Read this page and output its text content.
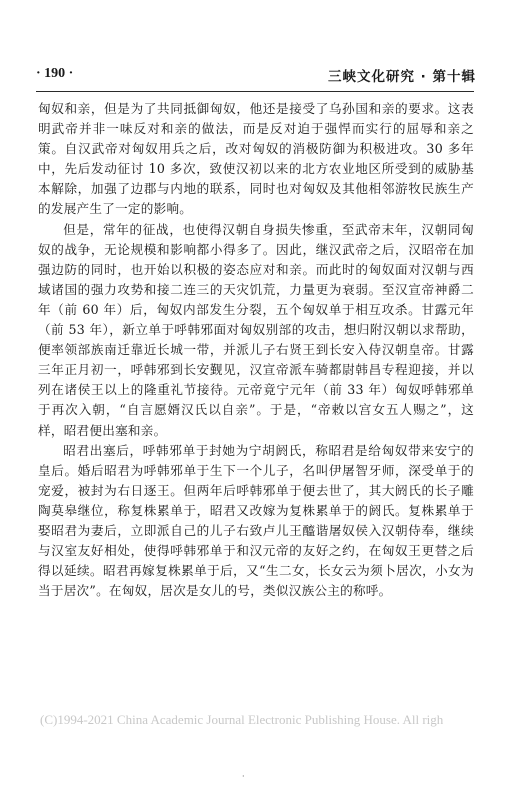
· 190 ·	三峡文化研究 · 第十辑

匈奴和亲，但是为了共同抵御匈奴，他还是接受了乌孙国和亲的要求。这表明武帝并非一味反对和亲的做法，而是反对迫于强悍而实行的屈辱和亲之策。自汉武帝对匈奴用兵之后，改对匈奴的消极防御为积极进攻。30 多年中，先后发动征讨 10 多次，致使汉初以来的北方农业地区所受到的威胁基本解除，加强了边郡与内地的联系，同时也对匈奴及其他相邻游牧民族生产的发展产生了一定的影响。

但是，常年的征战，也使得汉朝自身损失惨重，至武帝末年，汉朝同匈奴的战争，无论规模和影响都小得多了。因此，继汉武帝之后，汉昭帝在加强边防的同时，也开始以积极的姿态应对和亲。而此时的匈奴面对汉朝与西域诸国的强力攻势和接二连三的天灾饥荒，力量更为衰弱。至汉宣帝神爵二年（前 60 年）后，匈奴内部发生分裂，五个匈奴单于相互攻杀。甘露元年（前 53 年），新立单于呼韩邪面对匈奴别部的攻击，想归附汉朝以求帮助，便率领部族南迁靠近长城一带，并派儿子右贤王到长安入侍汉朝皇帝。甘露三年正月初一，呼韩邪到长安觐见，汉宣帝派车骑都尉韩昌专程迎接，并以列在诸侯王以上的隆重礼节接待。元帝竟宁元年（前 33 年）匈奴呼韩邪单于再次入朝，“自言愿婿汉氏以自亲”。于是，“帝敕以宫女五人赐之”，这样，昭君便出塞和亲。

昭君出塞后，呼韩邪单于封她为宁胡阏氏，称昭君是给匈奴带来安宁的皇后。婚后昭君为呼韩邪单于生下一个儿子，名叫伊屠智牙师，深受单于的宠爱，被封为右日逐王。但两年后呼韩邪单于便去世了，其大阏氏的长子雕陶莫皋继位，称复株累单于，昭君又改嫁为复株累单于的阏氏。复株累单于娶昭君为妻后，立即派自己的儿子右致卢儿王醯谐屠奴侯入汉朝侍奉，继续与汉室友好相处，使得呼韩邪单于和汉元帝的友好之约，在匈奴王更替之后得以延续。昭君再嫁复株累单于后，又“生二女，长女云为须卜居次，小女为当于居次”。在匈奴，居次是女儿的号，类似汉族公主的称呼。

(C)1994-2021 China Academic Journal Electronic Publishing House. All righ
·
